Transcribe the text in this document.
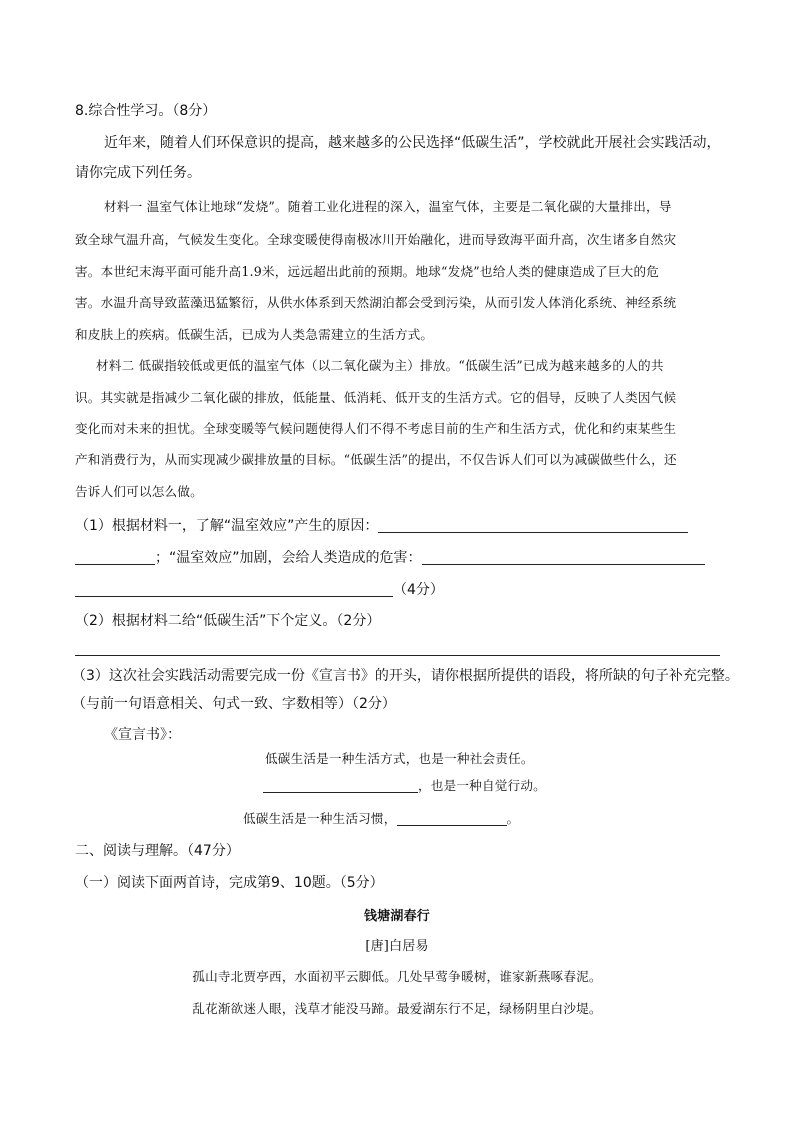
8.综合性学习。（8分）
近年来，随着人们环保意识的提高，越来越多的公民选择“低碳生活”，学校就此开展社会实践活动，
请你完成下列任务。
材料一 温室气体让地球“发烧”。随着工业化进程的深入，温室气体，主要是二氧化碳的大量排出，导
致全球气温升高，气候发生变化。全球变暖使得南极冰川开始融化，进而导致海平面升高，次生诸多自然灾
害。本世纪末海平面可能升高1.9米，远远超出此前的预期。地球“发烧”也给人类的健康造成了巨大的危
害。水温升高导致蓝藻迅猛繁衍，从供水体系到天然湖泊都会受到污染，从而引发人体消化系统、神经系统
和皮肤上的疾病。低碳生活，已成为人类急需建立的生活方式。
材料二 低碳指较低或更低的温室气体（以二氧化碳为主）排放。“低碳生活”已成为越来越多的人的共
识。其实就是指减少二氧化碳的排放，低能量、低消耗、低开支的生活方式。它的倡导，反映了人类因气候
变化而对未来的担忧。全球变暖等气候问题使得人们不得不考虑目前的生产和生活方式，优化和约束某些生
产和消费行为，从而实现减少碳排放量的目标。“低碳生活”的提出，不仅告诉人们可以为减碳做些什么，还
告诉人们可以怎么做。
（1）根据材料一，了解“温室效应”产生的原因：
；“温室效应”加剧，会给人类造成的危害：
（4分）
（2）根据材料二给“低碳生活”下个定义。（2分）
（3）这次社会实践活动需要完成一份《宣言书》的开头，请你根据所提供的语段，将所缺的句子补充完整。
（与前一句语意相关、句式一致、字数相等）（2分）
《宣言书》：
低碳生活是一种生活方式，也是一种社会责任。
，也是一种自觉行动。
低碳生活是一种生活习惯，	。
二、阅读与理解。（47分）
（一）阅读下面两首诗，完成第9、10题。（5分）
钱塘湖春行
[唐]白居易
孤山寺北贾亭西，水面初平云脚低。几处早莺争暖树，谁家新燕啄春泥。
乱花渐欲迷人眼，浅草才能没马蹄。最爱湖东行不足，绿杨阴里白沙堤。
